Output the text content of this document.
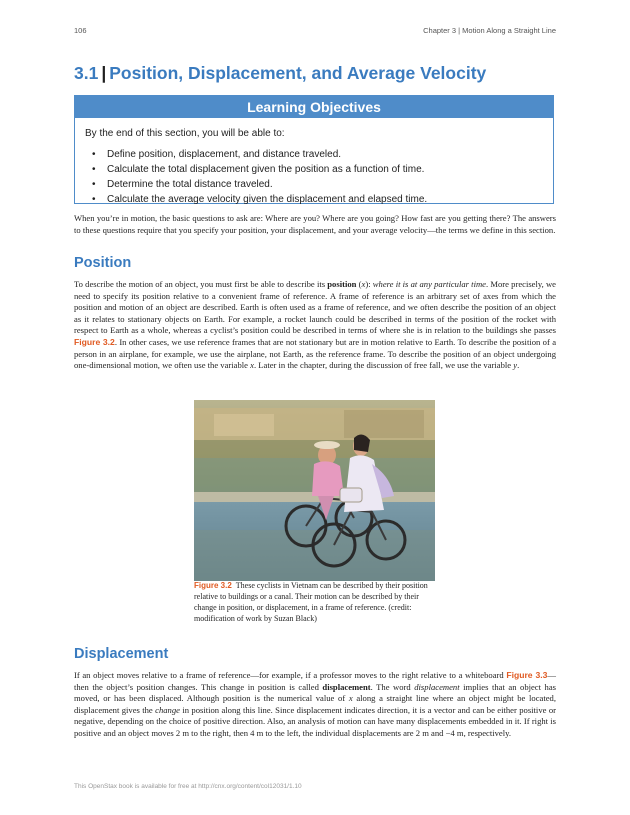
106	Chapter 3 | Motion Along a Straight Line
3.1 | Position, Displacement, and Average Velocity
Learning Objectives
By the end of this section, you will be able to:
•	Define position, displacement, and distance traveled.
•	Calculate the total displacement given the position as a function of time.
•	Determine the total distance traveled.
•	Calculate the average velocity given the displacement and elapsed time.

When you’re in motion, the basic questions to ask are: Where are you? Where are you going? How fast are you getting there? The answers to these questions require that you specify your position, your displacement, and your average velocity—the terms we define in this section.

Position

To describe the motion of an object, you must first be able to describe its position (x): where it is at any particular time. More precisely, we need to specify its position relative to a convenient frame of reference. A frame of reference is an arbitrary set of axes from which the position and motion of an object are described. Earth is often used as a frame of reference, and we often describe the position of an object as it relates to stationary objects on Earth. For example, a rocket launch could be described in terms of the position of the rocket with respect to Earth as a whole, whereas a cyclist’s position could be described in terms of where she is in relation to the buildings she passes Figure 3.2. In other cases, we use reference frames that are not stationary but are in motion relative to Earth. To describe the position of a person in an airplane, for example, we use the airplane, not Earth, as the reference frame. To describe the position of an object undergoing one-dimensional motion, we often use the variable x. Later in the chapter, during the discussion of free fall, we use the variable y.

Figure 3.2 These cyclists in Vietnam can be described by their position relative to buildings or a canal. Their motion can be described by their change in position, or displacement, in a frame of reference. (credit: modification of work by Suzan Black)

Displacement

If an object moves relative to a frame of reference—for example, if a professor moves to the right relative to a whiteboard Figure 3.3—then the object’s position changes. This change in position is called displacement. The word displacement implies that an object has moved, or has been displaced. Although position is the numerical value of x along a straight line where an object might be located, displacement gives the change in position along this line. Since displacement indicates direction, it is a vector and can be either positive or negative, depending on the choice of positive direction. Also, an analysis of motion can have many displacements embedded in it. If right is positive and an object moves 2 m to the right, then 4 m to the left, the individual displacements are 2 m and −4 m, respectively.

This OpenStax book is available for free at http://cnx.org/content/col12031/1.10
